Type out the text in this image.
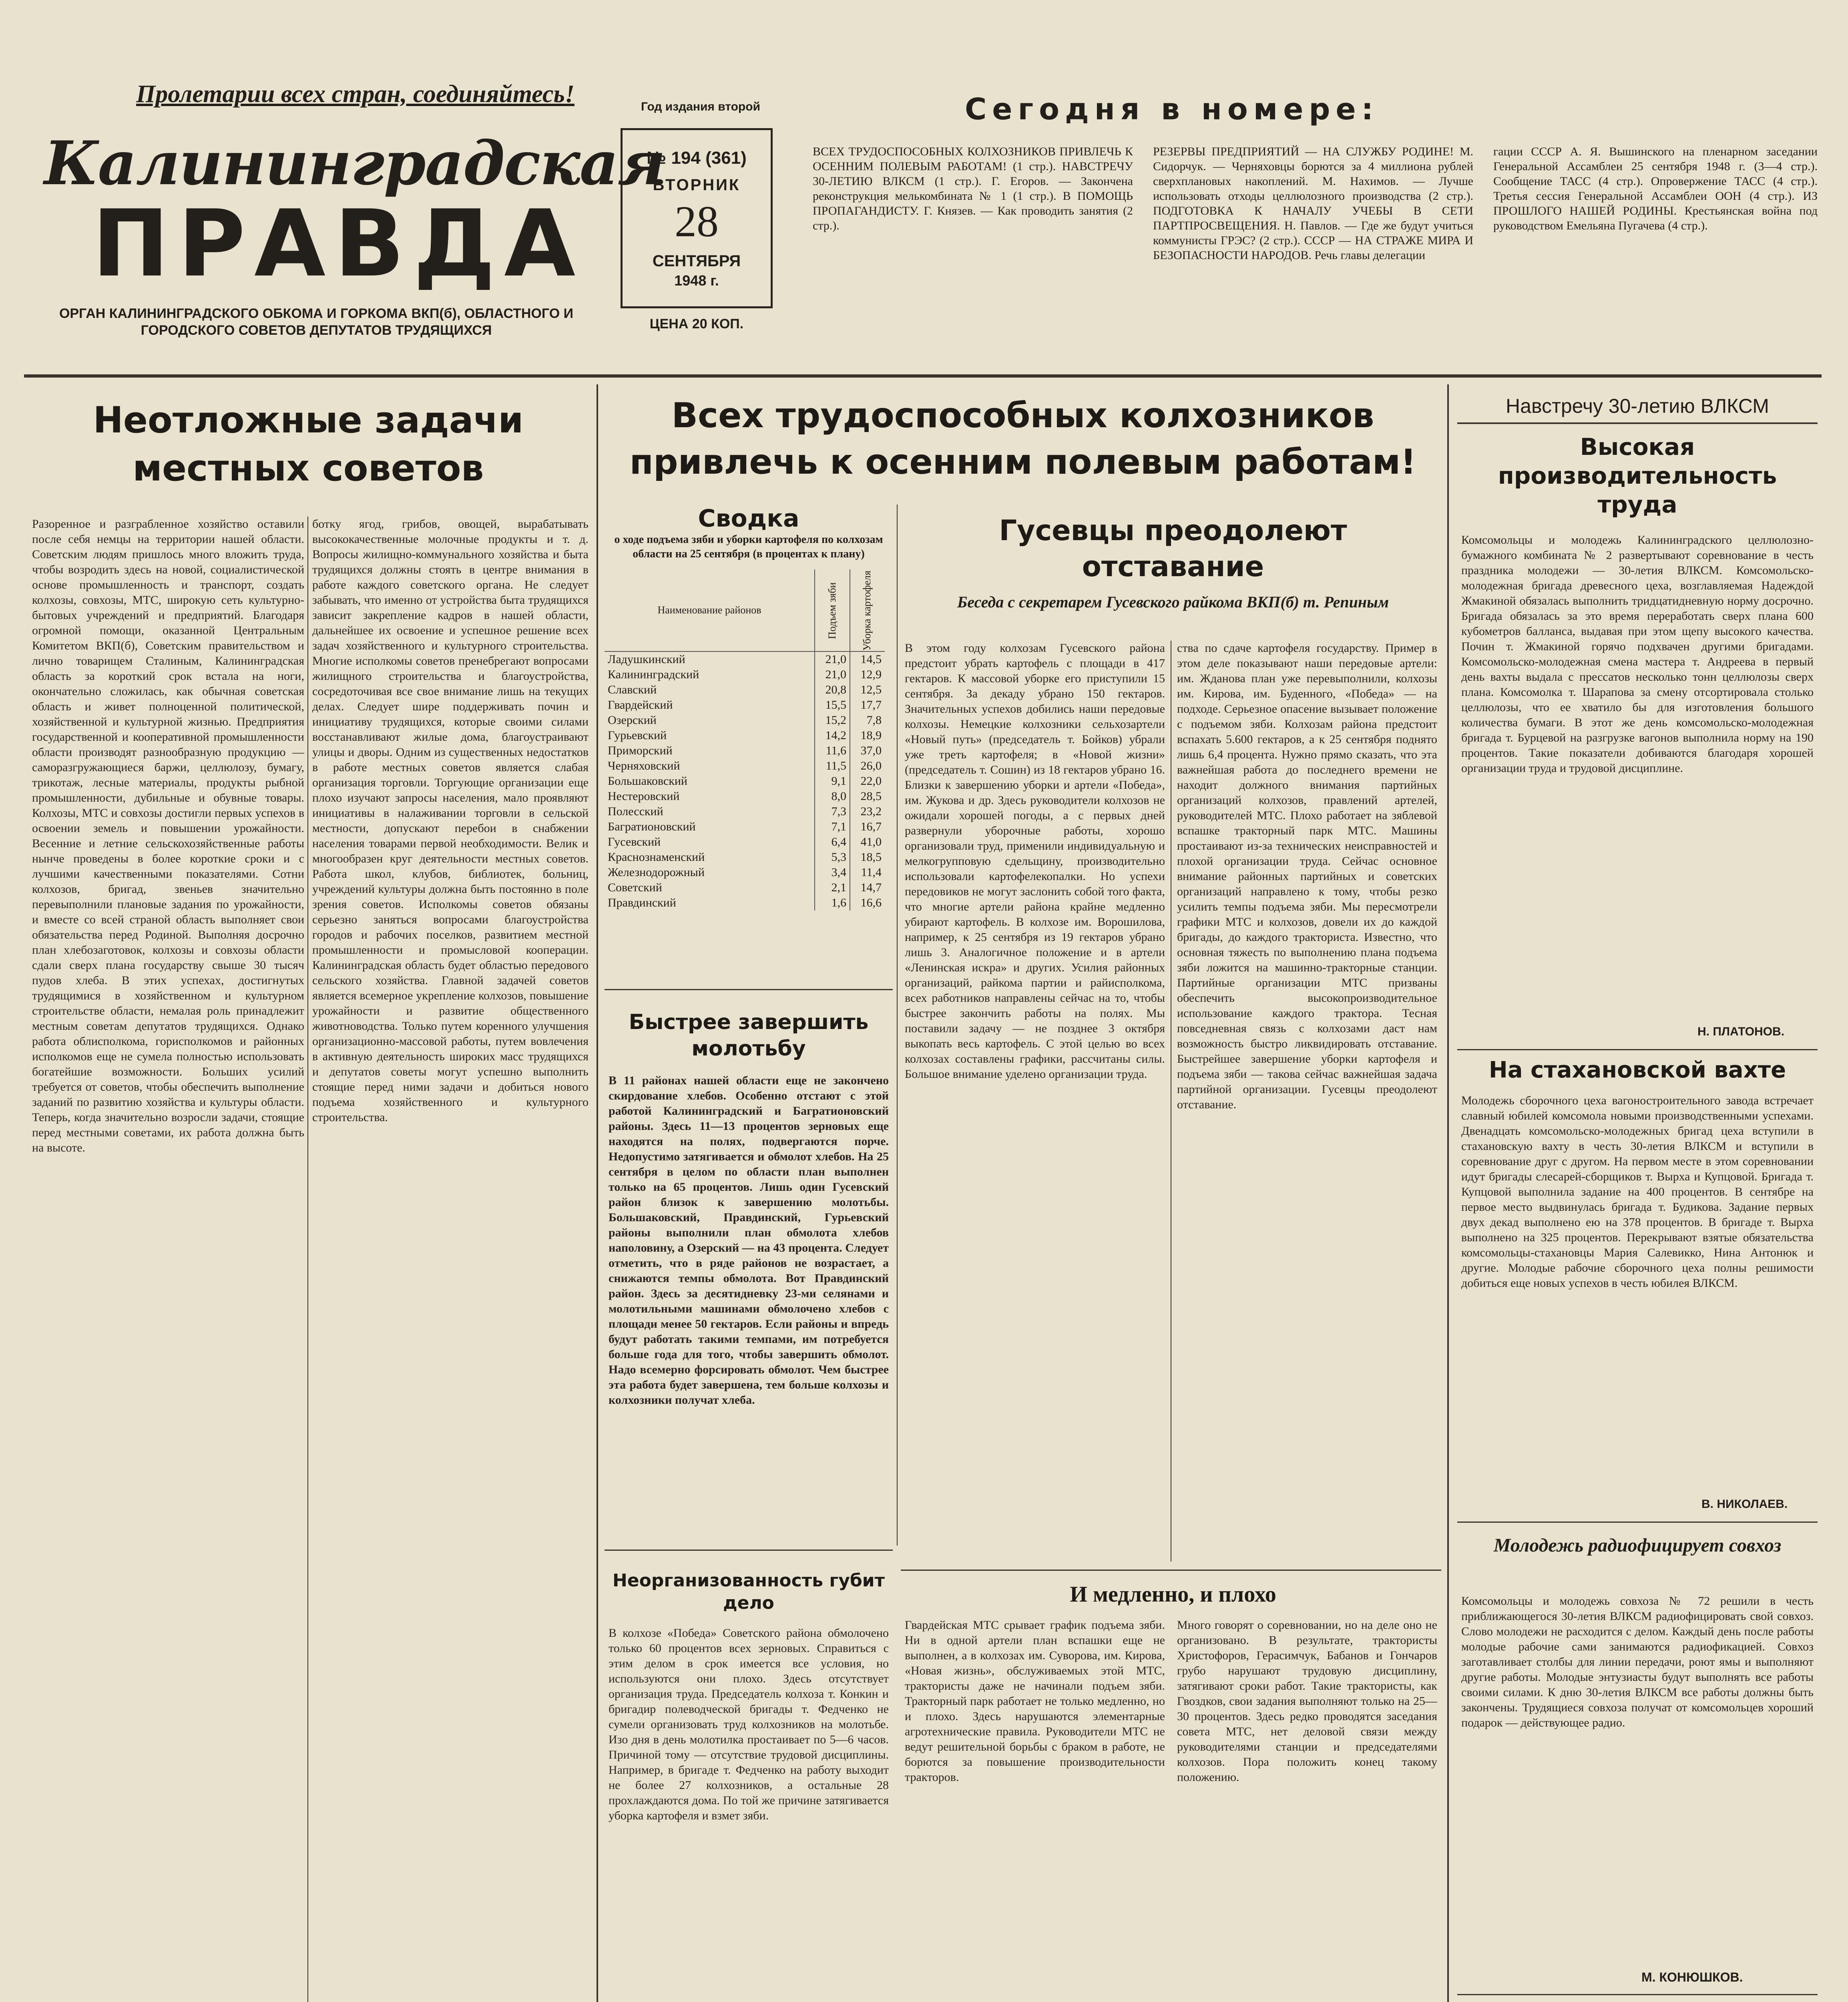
Пролетарии всех стран, соединяйтесь!
Калининградская
ПРАВДА
ОРГАН КАЛИНИНГРАДСКОГО ОБКОМА И ГОРКОМА ВКП(б), ОБЛАСТНОГО И ГОРОДСКОГО СОВЕТОВ ДЕПУТАТОВ ТРУДЯЩИХСЯ
Год издания второй
№ 194 (361)
ВТОРНИК
28
СЕНТЯБРЯ
1948 г.
ЦЕНА 20 КОП.
Сегодня в номере:
ВСЕХ ТРУДОСПОСОБНЫХ КОЛХОЗНИКОВ ПРИВЛЕЧЬ К ОСЕННИМ ПОЛЕВЫМ РАБОТАМ! (1 стр.). НАВСТРЕЧУ 30-ЛЕТИЮ ВЛКСМ (1 стр.). Г. Егоров. — Закончена реконструкция мелькомбината № 1 (1 стр.). В ПОМОЩЬ ПРОПАГАНДИСТУ. Г. Князев. — Как проводить занятия (2 стр.).
РЕЗЕРВЫ ПРЕДПРИЯТИЙ — НА СЛУЖБУ РОДИНЕ! М. Сидорчук. — Черняховцы борются за 4 миллиона рублей сверхплановых накоплений. М. Нахимов. — Лучше использовать отходы целлюлозного производства (2 стр.). ПОДГОТОВКА К НАЧАЛУ УЧЕБЫ В СЕТИ ПАРТПРОСВЕЩЕНИЯ. Н. Павлов. — Где же будут учиться коммунисты ГРЭС? (2 стр.). СССР — НА СТРАЖЕ МИРА И БЕЗОПАСНОСТИ НАРОДОВ. Речь главы делегации
гации СССР А. Я. Вышинского на пленарном заседании Генеральной Ассамблеи 25 сентября 1948 г. (3—4 стр.). Сообщение ТАСС (4 стр.). Опровержение ТАСС (4 стр.). Третья сессия Генеральной Ассамблеи ООН (4 стр.). ИЗ ПРОШЛОГО НАШЕЙ РОДИНЫ. Крестьянская война под руководством Емельяна Пугачева (4 стр.).
Неотложные задачи местных советов
Разоренное и разграбленное хозяйство оставили после себя немцы на территории нашей области. Советским людям пришлось много вложить труда, чтобы возродить здесь на новой, социалистической основе промышленность и транспорт, создать колхозы, совхозы, МТС, широкую сеть культурно-бытовых учреждений и предприятий. Благодаря огромной помощи, оказанной Центральным Комитетом ВКП(б), Советским правительством и лично товарищем Сталиным, Калининградская область за короткий срок встала на ноги, окончательно сложилась, как обычная советская область и живет полноценной политической, хозяйственной и культурной жизнью. Предприятия государственной и кооперативной промышленности области производят разнообразную продукцию — саморазгружающиеся баржи, целлюлозу, бумагу, трикотаж, лесные материалы, продукты рыбной промышленности, дубильные и обувные товары. Колхозы, МТС и совхозы достигли первых успехов в освоении земель и повышении урожайности. Весенние и летние сельскохозяйственные работы нынче проведены в более короткие сроки и с лучшими качественными показателями. Сотни колхозов, бригад, звеньев значительно перевыполнили плановые задания по урожайности, и вместе со всей страной область выполняет свои обязательства перед Родиной. Выполняя досрочно план хлебозаготовок, колхозы и совхозы области сдали сверх плана государству свыше 30 тысяч пудов хлеба. В этих успехах, достигнутых трудящимися в хозяйственном и культурном строительстве области, немалая роль принадлежит местным советам депутатов трудящихся. Однако работа облисполкома, горисполкомов и районных исполкомов еще не сумела полностью использовать богатейшие возможности. Больших усилий требуется от советов, чтобы обеспечить выполнение заданий по развитию хозяйства и культуры области. Теперь, когда значительно возросли задачи, стоящие перед местными советами, их работа должна быть на высоте.
ботку ягод, грибов, овощей, вырабатывать высококачественные молочные продукты и т. д. Вопросы жилищно-коммунального хозяйства и быта трудящихся должны стоять в центре внимания в работе каждого советского органа. Не следует забывать, что именно от устройства быта трудящихся зависит закрепление кадров в нашей области, дальнейшее их освоение и успешное решение всех задач хозяйственного и культурного строительства. Многие исполкомы советов пренебрегают вопросами жилищного строительства и благоустройства, сосредоточивая все свое внимание лишь на текущих делах. Следует шире поддерживать почин и инициативу трудящихся, которые своими силами восстанавливают жилые дома, благоустраивают улицы и дворы. Одним из существенных недостатков в работе местных советов является слабая организация торговли. Торгующие организации еще плохо изучают запросы населения, мало проявляют инициативы в налаживании торговли в сельской местности, допускают перебои в снабжении населения товарами первой необходимости. Велик и многообразен круг деятельности местных советов. Работа школ, клубов, библиотек, больниц, учреждений культуры должна быть постоянно в поле зрения советов. Исполкомы советов обязаны серьезно заняться вопросами благоустройства городов и рабочих поселков, развитием местной промышленности и промысловой кооперации. Калининградская область будет областью передового сельского хозяйства. Главной задачей советов является всемерное укрепление колхозов, повышение урожайности и развитие общественного животноводства. Только путем коренного улучшения организационно-массовой работы, путем вовлечения в активную деятельность широких масс трудящихся и депутатов советы могут успешно выполнить стоящие перед ними задачи и добиться нового подъема хозяйственного и культурного строительства.
Всех трудоспособных колхозников привлечь к осенним полевым работам!
Сводка
о ходе подъема зяби и уборки картофеля по колхозам области на 25 сентября (в процентах к плану)
Наименование районов	Подъем зяби	Уборка картофеля
Ладушкинский	21,0	14,5
Калининградский	21,0	12,9
Славский	20,8	12,5
Гвардейский	15,5	17,7
Озерский	15,2	7,8
Гурьевский	14,2	18,9
Приморский	11,6	37,0
Черняховский	11,5	26,0
Большаковский	9,1	22,0
Нестеровский	8,0	28,5
Полесский	7,3	23,2
Багратионовский	7,1	16,7
Гусевский	6,4	41,0
Краснознаменский	5,3	18,5
Железнодорожный	3,4	11,4
Советский	2,1	14,7
Правдинский	1,6	16,6
Быстрее завершить молотьбу
В 11 районах нашей области еще не закончено скирдование хлебов. Особенно отстают с этой работой Калининградский и Багратионовский районы. Здесь 11—13 процентов зерновых еще находятся на полях, подвергаются порче. Недопустимо затягивается и обмолот хлебов. На 25 сентября в целом по области план выполнен только на 65 процентов. Лишь один Гусевский район близок к завершению молотьбы. Большаковский, Правдинский, Гурьевский районы выполнили план обмолота хлебов наполовину, а Озерский — на 43 процента. Следует отметить, что в ряде районов не возрастает, а снижаются темпы обмолота. Вот Правдинский район. Здесь за десятидневку 23-ми селянами и молотильными машинами обмолочено хлебов с площади менее 50 гектаров. Если районы и впредь будут работать такими темпами, им потребуется больше года для того, чтобы завершить обмолот. Надо всемерно форсировать обмолот. Чем быстрее эта работа будет завершена, тем больше колхозы и колхозники получат хлеба.
Неорганизованность губит дело
В колхозе «Победа» Советского района обмолочено только 60 процентов всех зерновых. Справиться с этим делом в срок имеется все условия, но используются они плохо. Здесь отсутствует организация труда. Председатель колхоза т. Конкин и бригадир полеводческой бригады т. Федченко не сумели организовать труд колхозников на молотьбе. Изо дня в день молотилка простаивает по 5—6 часов. Причиной тому — отсутствие трудовой дисциплины. Например, в бригаде т. Федченко на работу выходит не более 27 колхозников, а остальные 28 прохлаждаются дома. По той же причине затягивается уборка картофеля и взмет зяби.
Гусевцы преодолеют отставание
Беседа с секретарем Гусевского райкома ВКП(б) т. Репиным
В этом году колхозам Гусевского района предстоит убрать картофель с площади в 417 гектаров. К массовой уборке его приступили 15 сентября. За декаду убрано 150 гектаров. Значительных успехов добились наши передовые колхозы. Немецкие колхозники сельхозартели «Новый путь» (председатель т. Бойков) убрали уже треть картофеля; в «Новой жизни» (председатель т. Сошин) из 18 гектаров убрано 16. Близки к завершению уборки и артели «Победа», им. Жукова и др. Здесь руководители колхозов не ожидали хорошей погоды, а с первых дней развернули уборочные работы, хорошо организовали труд, применили индивидуальную и мелкогрупповую сдельщину, производительно использовали картофелекопалки. Но успехи передовиков не могут заслонить собой того факта, что многие артели района крайне медленно убирают картофель. В колхозе им. Ворошилова, например, к 25 сентября из 19 гектаров убрано лишь 3. Аналогичное положение и в артели «Ленинская искра» и других. Усилия районных организаций, райкома партии и райисполкома, всех работников направлены сейчас на то, чтобы быстрее закончить работы на полях. Мы поставили задачу — не позднее 3 октября выкопать весь картофель. С этой целью во всех колхозах составлены графики, рассчитаны силы. Большое внимание уделено организации труда.
ства по сдаче картофеля государству. Пример в этом деле показывают наши передовые артели: им. Жданова план уже перевыполнили, колхозы им. Кирова, им. Буденного, «Победа» — на подходе. Серьезное опасение вызывает положение с подъемом зяби. Колхозам района предстоит вспахать 5.600 гектаров, а к 25 сентября поднято лишь 6,4 процента. Нужно прямо сказать, что эта важнейшая работа до последнего времени не находит должного внимания партийных организаций колхозов, правлений артелей, руководителей МТС. Плохо работает на зяблевой вспашке тракторный парк МТС. Машины простаивают из-за технических неисправностей и плохой организации труда. Сейчас основное внимание районных партийных и советских организаций направлено к тому, чтобы резко усилить темпы подъема зяби. Мы пересмотрели графики МТС и колхозов, довели их до каждой бригады, до каждого тракториста. Известно, что основная тяжесть по выполнению плана подъема зяби ложится на машинно-тракторные станции. Партийные организации МТС призваны обеспечить высокопроизводительное использование каждого трактора. Тесная повседневная связь с колхозами даст нам возможность быстро ликвидировать отставание. Быстрейшее завершение уборки картофеля и подъема зяби — такова сейчас важнейшая задача партийной организации. Гусевцы преодолеют отставание.
И медленно, и плохо
Гвардейская МТС срывает график подъема зяби. Ни в одной артели план вспашки еще не выполнен, а в колхозах им. Суворова, им. Кирова, «Новая жизнь», обслуживаемых этой МТС, трактористы даже не начинали подъем зяби. Тракторный парк работает не только медленно, но и плохо. Здесь нарушаются элементарные агротехнические правила. Руководители МТС не ведут решительной борьбы с браком в работе, не борются за повышение производительности тракторов.
Много говорят о соревновании, но на деле оно не организовано. В результате, трактористы Христофоров, Герасимчук, Бабанов и Гончаров грубо нарушают трудовую дисциплину, затягивают сроки работ. Такие трактористы, как Гвоздков, свои задания выполняют только на 25—30 процентов. Здесь редко проводятся заседания совета МТС, нет деловой связи между руководителями станции и председателями колхозов. Пора положить конец такому положению.
Навстречу 30-летию ВЛКСМ
Высокая производительность труда
Комсомольцы и молодежь Калининградского целлюлозно-бумажного комбината № 2 развертывают соревнование в честь праздника молодежи — 30-летия ВЛКСМ. Комсомольско-молодежная бригада древесного цеха, возглавляемая Надеждой Жмакиной обязалась выполнить тридцатидневную норму досрочно. Бригада обязалась за это время переработать сверх плана 600 кубометров балланса, выдавая при этом щепу высокого качества. Почин т. Жмакиной горячо подхвачен другими бригадами. Комсомольско-молодежная смена мастера т. Андреева в первый день вахты выдала с прессатов несколько тонн целлюлозы сверх плана. Комсомолка т. Шарапова за смену отсортировала столько целлюлозы, что ее хватило бы для изготовления большого количества бумаги. В этот же день комсомольско-молодежная бригада т. Бурцевой на разгрузке вагонов выполнила норму на 190 процентов. Такие показатели добиваются благодаря хорошей организации труда и трудовой дисциплине.
Н. ПЛАТОНОВ.
На стахановской вахте
Молодежь сборочного цеха вагоностроительного завода встречает славный юбилей комсомола новыми производственными успехами. Двенадцать комсомольско-молодежных бригад цеха вступили в стахановскую вахту в честь 30-летия ВЛКСМ и вступили в соревнование друг с другом. На первом месте в этом соревновании идут бригады слесарей-сборщиков т. Вырха и Купцовой. Бригада т. Купцовой выполнила задание на 400 процентов. В сентябре на первое место выдвинулась бригада т. Будикова. Задание первых двух декад выполнено ею на 378 процентов. В бригаде т. Вырха выполнено на 325 процентов. Перекрывают взятые обязательства комсомольцы-стахановцы Мария Салевикко, Нина Антонюк и другие. Молодые рабочие сборочного цеха полны решимости добиться еще новых успехов в честь юбилея ВЛКСМ.
В. НИКОЛАЕВ.
Молодежь радиофицирует совхоз
Комсомольцы и молодежь совхоза № 72 решили в честь приближающегося 30-летия ВЛКСМ радиофицировать свой совхоз. Слово молодежи не расходится с делом. Каждый день после работы молодые рабочие сами занимаются радиофикацией. Совхоз заготавливает столбы для линии передачи, роют ямы и выполняют другие работы. Молодые энтузиасты будут выполнять все работы своими силами. К дню 30-летия ВЛКСМ все работы должны быть закончены. Трудящиеся совхоза получат от комсомольцев хороший подарок — действующее радио.
М. КОНЮШКОВ.
